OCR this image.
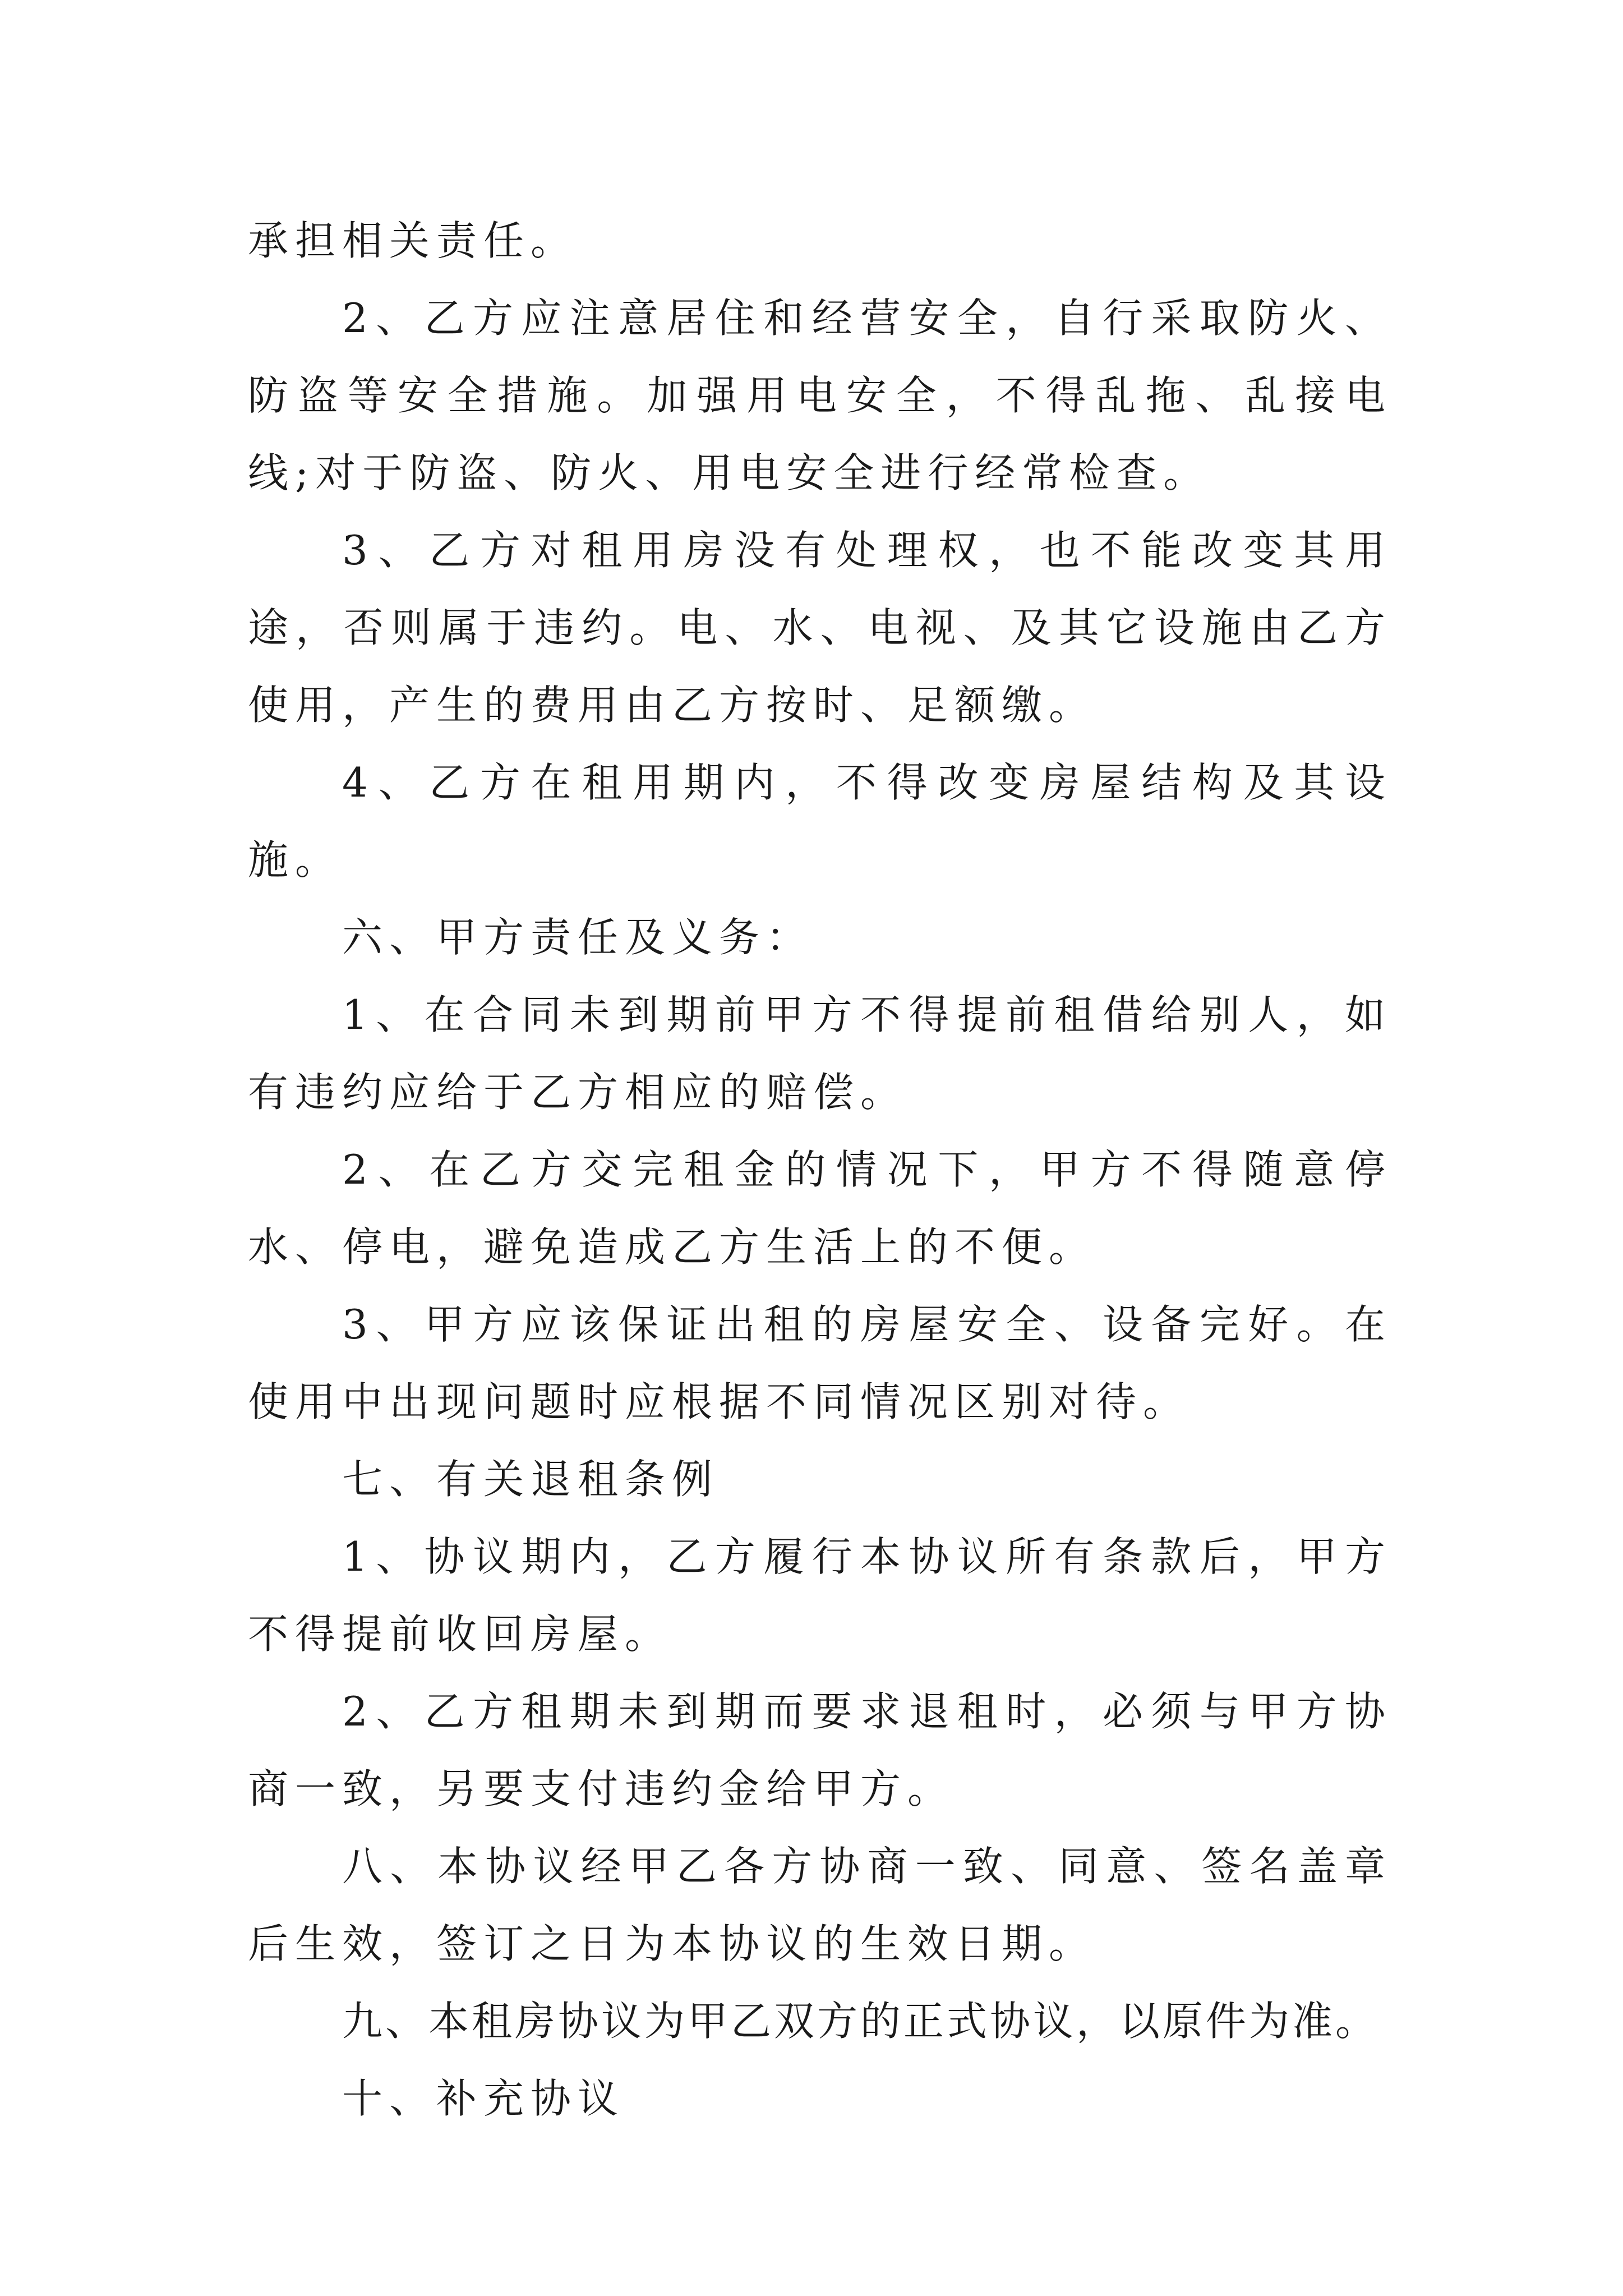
承担相关责任。

2、乙方应注意居住和经营安全，自行采取防火、防盗等安全措施。加强用电安全，不得乱拖、乱接电线;对于防盗、防火、用电安全进行经常检查。

3、乙方对租用房没有处理权，也不能改变其用途，否则属于违约。电、水、电视、及其它设施由乙方使用，产生的费用由乙方按时、足额缴。

4、乙方在租用期内，不得改变房屋结构及其设施。

六、甲方责任及义务：

1、在合同未到期前甲方不得提前租借给别人，如有违约应给于乙方相应的赔偿。

2、在乙方交完租金的情况下，甲方不得随意停水、停电，避免造成乙方生活上的不便。

3、甲方应该保证出租的房屋安全、设备完好。在使用中出现问题时应根据不同情况区别对待。

七、有关退租条例

1、协议期内，乙方履行本协议所有条款后，甲方不得提前收回房屋。

2、乙方租期未到期而要求退租时，必须与甲方协商一致，另要支付违约金给甲方。

八、本协议经甲乙各方协商一致、同意、签名盖章后生效，签订之日为本协议的生效日期。

九、本租房协议为甲乙双方的正式协议，以原件为准。

十、补充协议
